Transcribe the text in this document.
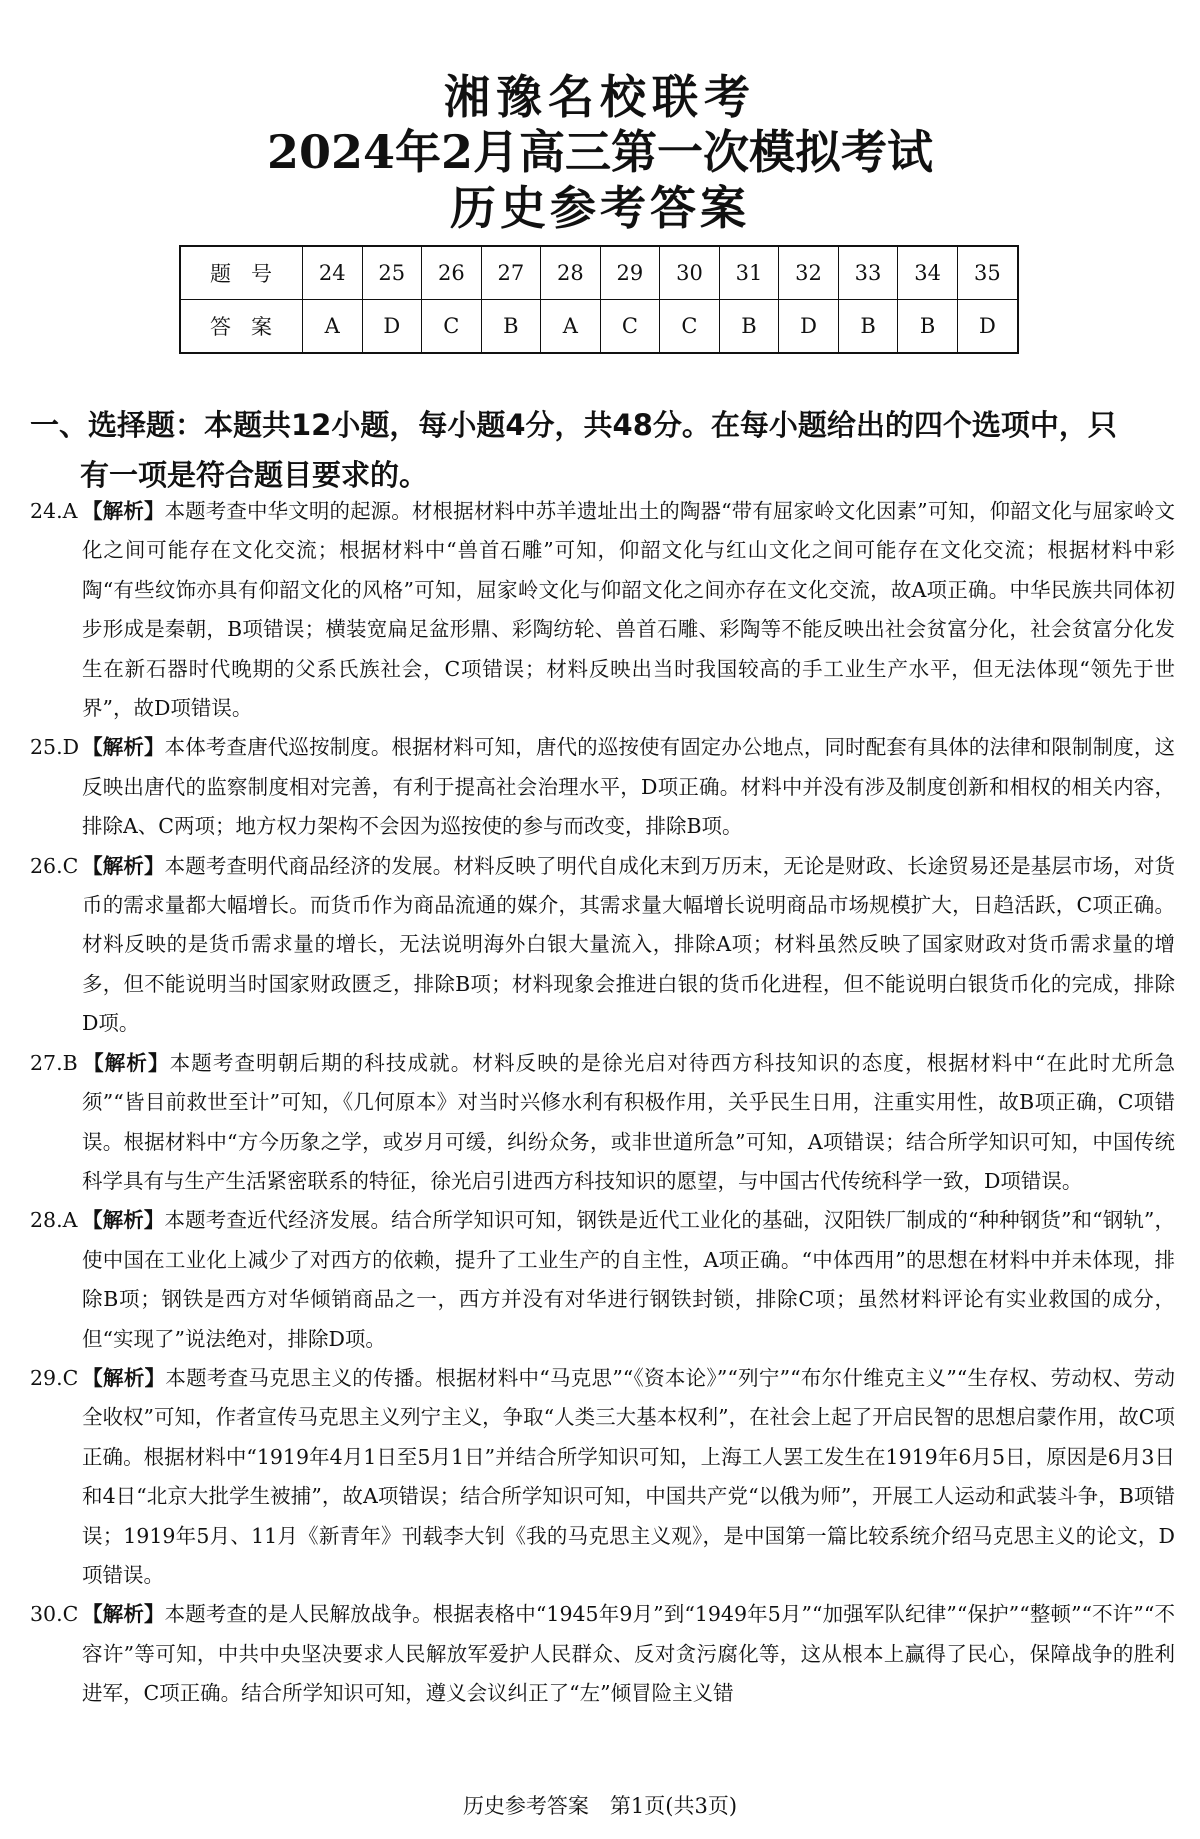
湘豫名校联考
2024年2月高三第一次模拟考试
历史参考答案
题号	24	25	26	27	28	29	30	31	32	33	34	35
答案	A	D	C	B	A	C	C	B	D	B	B	D
一、选择题：本题共12小题，每小题4分，共48分。在每小题给出的四个选项中，只
有一项是符合题目要求的。

24.A 【解析】本题考查中华文明的起源。材根据材料中苏羊遗址出土的陶器“带有屈家岭文化因素”可知，仰韶文化与屈家岭文化之间可能存在文化交流；根据材料中“兽首石雕”可知，仰韶文化与红山文化之间可能存在文化交流；根据材料中彩陶“有些纹饰亦具有仰韶文化的风格”可知，屈家岭文化与仰韶文化之间亦存在文化交流，故A项正确。中华民族共同体初步形成是秦朝，B项错误；横装宽扁足盆形鼎、彩陶纺轮、兽首石雕、彩陶等不能反映出社会贫富分化，社会贫富分化发生在新石器时代晚期的父系氏族社会，C项错误；材料反映出当时我国较高的手工业生产水平，但无法体现“领先于世界”，故D项错误。

25.D 【解析】本体考查唐代巡按制度。根据材料可知，唐代的巡按使有固定办公地点，同时配套有具体的法律和限制制度，这反映出唐代的监察制度相对完善，有利于提高社会治理水平，D项正确。材料中并没有涉及制度创新和相权的相关内容，排除A、C两项；地方权力架构不会因为巡按使的参与而改变，排除B项。

26.C 【解析】本题考查明代商品经济的发展。材料反映了明代自成化末到万历末，无论是财政、长途贸易还是基层市场，对货币的需求量都大幅增长。而货币作为商品流通的媒介，其需求量大幅增长说明商品市场规模扩大，日趋活跃，C项正确。材料反映的是货币需求量的增长，无法说明海外白银大量流入，排除A项；材料虽然反映了国家财政对货币需求量的增多，但不能说明当时国家财政匮乏，排除B项；材料现象会推进白银的货币化进程，但不能说明白银货币化的完成，排除D项。

27.B 【解析】本题考查明朝后期的科技成就。材料反映的是徐光启对待西方科技知识的态度，根据材料中“在此时尤所急须”“皆目前救世至计”可知，《几何原本》对当时兴修水利有积极作用，关乎民生日用，注重实用性，故B项正确，C项错误。根据材料中“方今历象之学，或岁月可缓，纠纷众务，或非世道所急”可知，A项错误；结合所学知识可知，中国传统科学具有与生产生活紧密联系的特征，徐光启引进西方科技知识的愿望，与中国古代传统科学一致，D项错误。

28.A 【解析】本题考查近代经济发展。结合所学知识可知，钢铁是近代工业化的基础，汉阳铁厂制成的“种种钢货”和“钢轨”，使中国在工业化上减少了对西方的依赖，提升了工业生产的自主性，A项正确。“中体西用”的思想在材料中并未体现，排除B项；钢铁是西方对华倾销商品之一，西方并没有对华进行钢铁封锁，排除C项；虽然材料评论有实业救国的成分，但“实现了”说法绝对，排除D项。

29.C 【解析】本题考查马克思主义的传播。根据材料中“马克思”“《资本论》”“列宁”“布尔什维克主义”“生存权、劳动权、劳动全收权”可知，作者宣传马克思主义列宁主义，争取“人类三大基本权利”，在社会上起了开启民智的思想启蒙作用，故C项正确。根据材料中“1919年4月1日至5月1日”并结合所学知识可知，上海工人罢工发生在1919年6月5日，原因是6月3日和4日“北京大批学生被捕”，故A项错误；结合所学知识可知，中国共产党“以俄为师”，开展工人运动和武装斗争，B项错误；1919年5月、11月《新青年》刊载李大钊《我的马克思主义观》，是中国第一篇比较系统介绍马克思主义的论文，D项错误。

30.C 【解析】本题考查的是人民解放战争。根据表格中“1945年9月”到“1949年5月”“加强军队纪律”“保护”“整顿”“不许”“不容许”等可知，中共中央坚决要求人民解放军爱护人民群众、反对贪污腐化等，这从根本上赢得了民心，保障战争的胜利进军，C项正确。结合所学知识可知，遵义会议纠正了“左”倾冒险主义错

历史参考答案　第1页(共3页)
